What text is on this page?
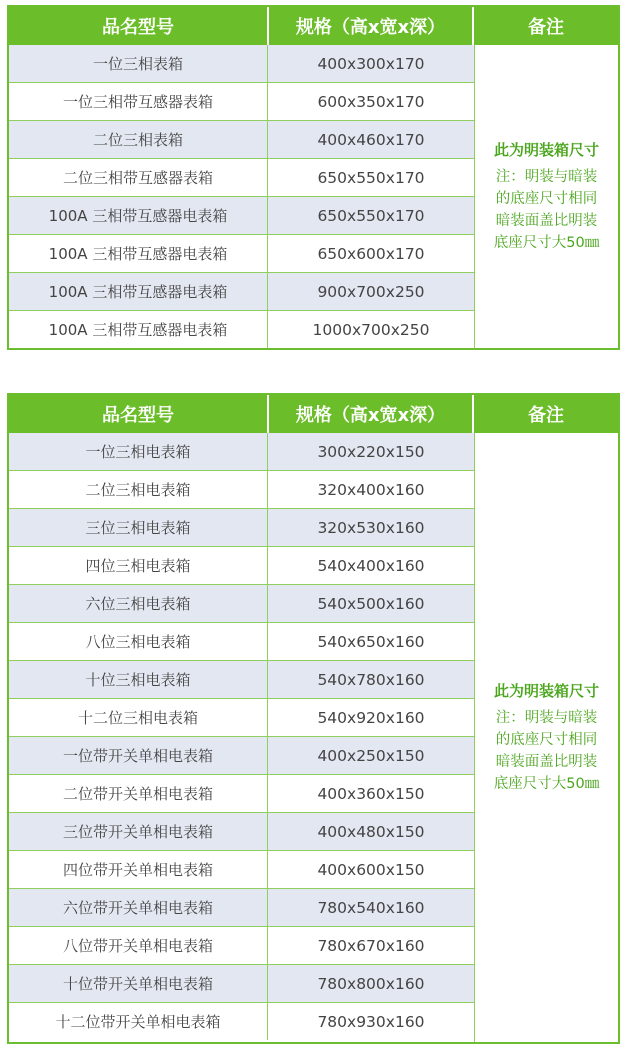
品名型号	规格（高x宽x深）	备注
一位三相表箱	400x300x170
一位三相带互感器表箱	600x350x170
二位三相表箱	400x460x170
二位三相带互感器表箱	650x550x170
100A 三相带互感器电表箱	650x550x170
100A 三相带互感器电表箱	650x600x170
100A 三相带互感器电表箱	900x700x250
100A 三相带互感器电表箱	1000x700x250
此为明装箱尺寸
注：明装与暗装
的底座尺寸相同
暗装面盖比明装
底座尺寸大50㎜
品名型号	规格（高x宽x深）	备注
一位三相电表箱	300x220x150
二位三相电表箱	320x400x160
三位三相电表箱	320x530x160
四位三相电表箱	540x400x160
六位三相电表箱	540x500x160
八位三相电表箱	540x650x160
十位三相电表箱	540x780x160
十二位三相电表箱	540x920x160
一位带开关单相电表箱	400x250x150
二位带开关单相电表箱	400x360x150
三位带开关单相电表箱	400x480x150
四位带开关单相电表箱	400x600x150
六位带开关单相电表箱	780x540x160
八位带开关单相电表箱	780x670x160
十位带开关单相电表箱	780x800x160
十二位带开关单相电表箱	780x930x160
此为明装箱尺寸
注：明装与暗装
的底座尺寸相同
暗装面盖比明装
底座尺寸大50㎜
